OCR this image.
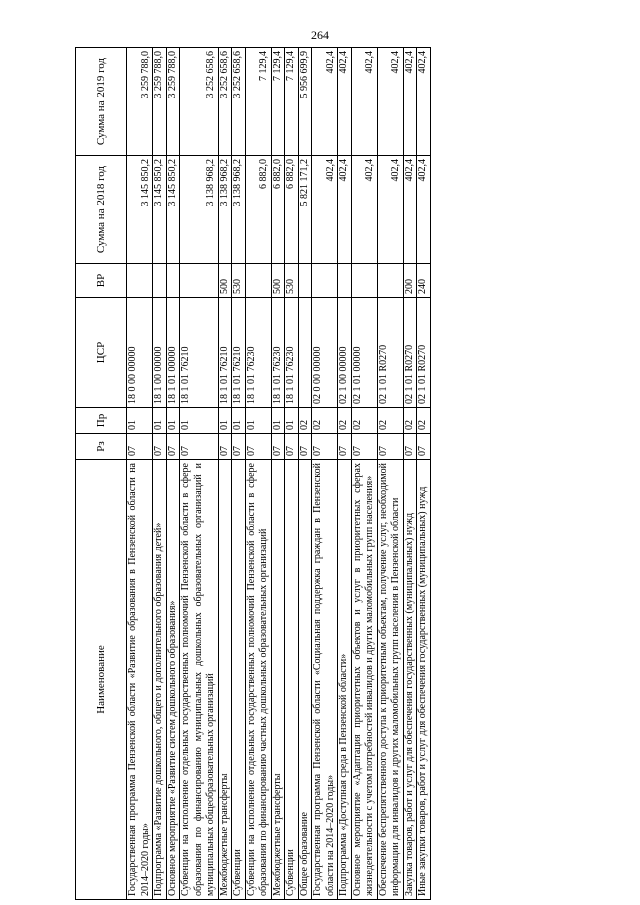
264
Наименование	Рз	Пр	ЦСР	ВР	Сумма на 2018 год	Сумма на 2019 год
Государственная программа Пензенской области «Развитие образования в Пензенской области на 2014–2020 годы»	07	01	18 0 00 00000		3 145 850,2	3 259 788,0
Подпрограмма «Развитие дошкольного, общего и дополнительного образования детей»	07	01	18 1 00 00000		3 145 850,2	3 259 788,0
Основное мероприятие «Развитие систем дошкольного образования»	07	01	18 1 01 00000		3 145 850,2	3 259 788,0
Субвенции на исполнение отдельных государственных полномочий Пензенской области в сфере образования по финансированию муниципальных дошкольных образовательных организаций и муниципальных общеобразовательных организаций	07	01	18 1 01 76210		3 138 968,2	3 252 658,6
Межбюджетные трансферты	07	01	18 1 01 76210	500	3 138 968,2	3 252 658,6
Субвенции	07	01	18 1 01 76210	530	3 138 968,2	3 252 658,6
Субвенции на исполнение отдельных государственных полномочий Пензенской области в сфере образования по финансированию частных дошкольных образовательных организаций	07	01	18 1 01 76230		6 882,0	7 129,4
Межбюджетные трансферты	07	01	18 1 01 76230	500	6 882,0	7 129,4
Субвенции	07	01	18 1 01 76230	530	6 882,0	7 129,4
Общее образование	07	02			5 821 171,2	5 956 699,9
Государственная программа Пензенской области «Социальная поддержка граждан в Пензенской области на 2014–2020 годы»	07	02	02 0 00 00000		402,4	402,4
Подпрограмма «Доступная среда в Пензенской области»	07	02	02 1 00 00000		402,4	402,4
Основное мероприятие «Адаптация приоритетных объектов и услуг в приоритетных сферах жизнедеятельности с учетом потребностей инвалидов и других маломобильных групп населения»	07	02	02 1 01 00000		402,4	402,4
Обеспечение беспрепятственного доступа к приоритетным объектам, получение услуг, необходимой информации для инвалидов и других маломобильных групп населения в Пензенской области	07	02	02 1 01 R0270		402,4	402,4
Закупка товаров, работ и услуг для обеспечения государственных (муниципальных) нужд	07	02	02 1 01 R0270	200	402,4	402,4
Иные закупки товаров, работ и услуг для обеспечения государственных (муниципальных) нужд	07	02	02 1 01 R0270	240	402,4	402,4
